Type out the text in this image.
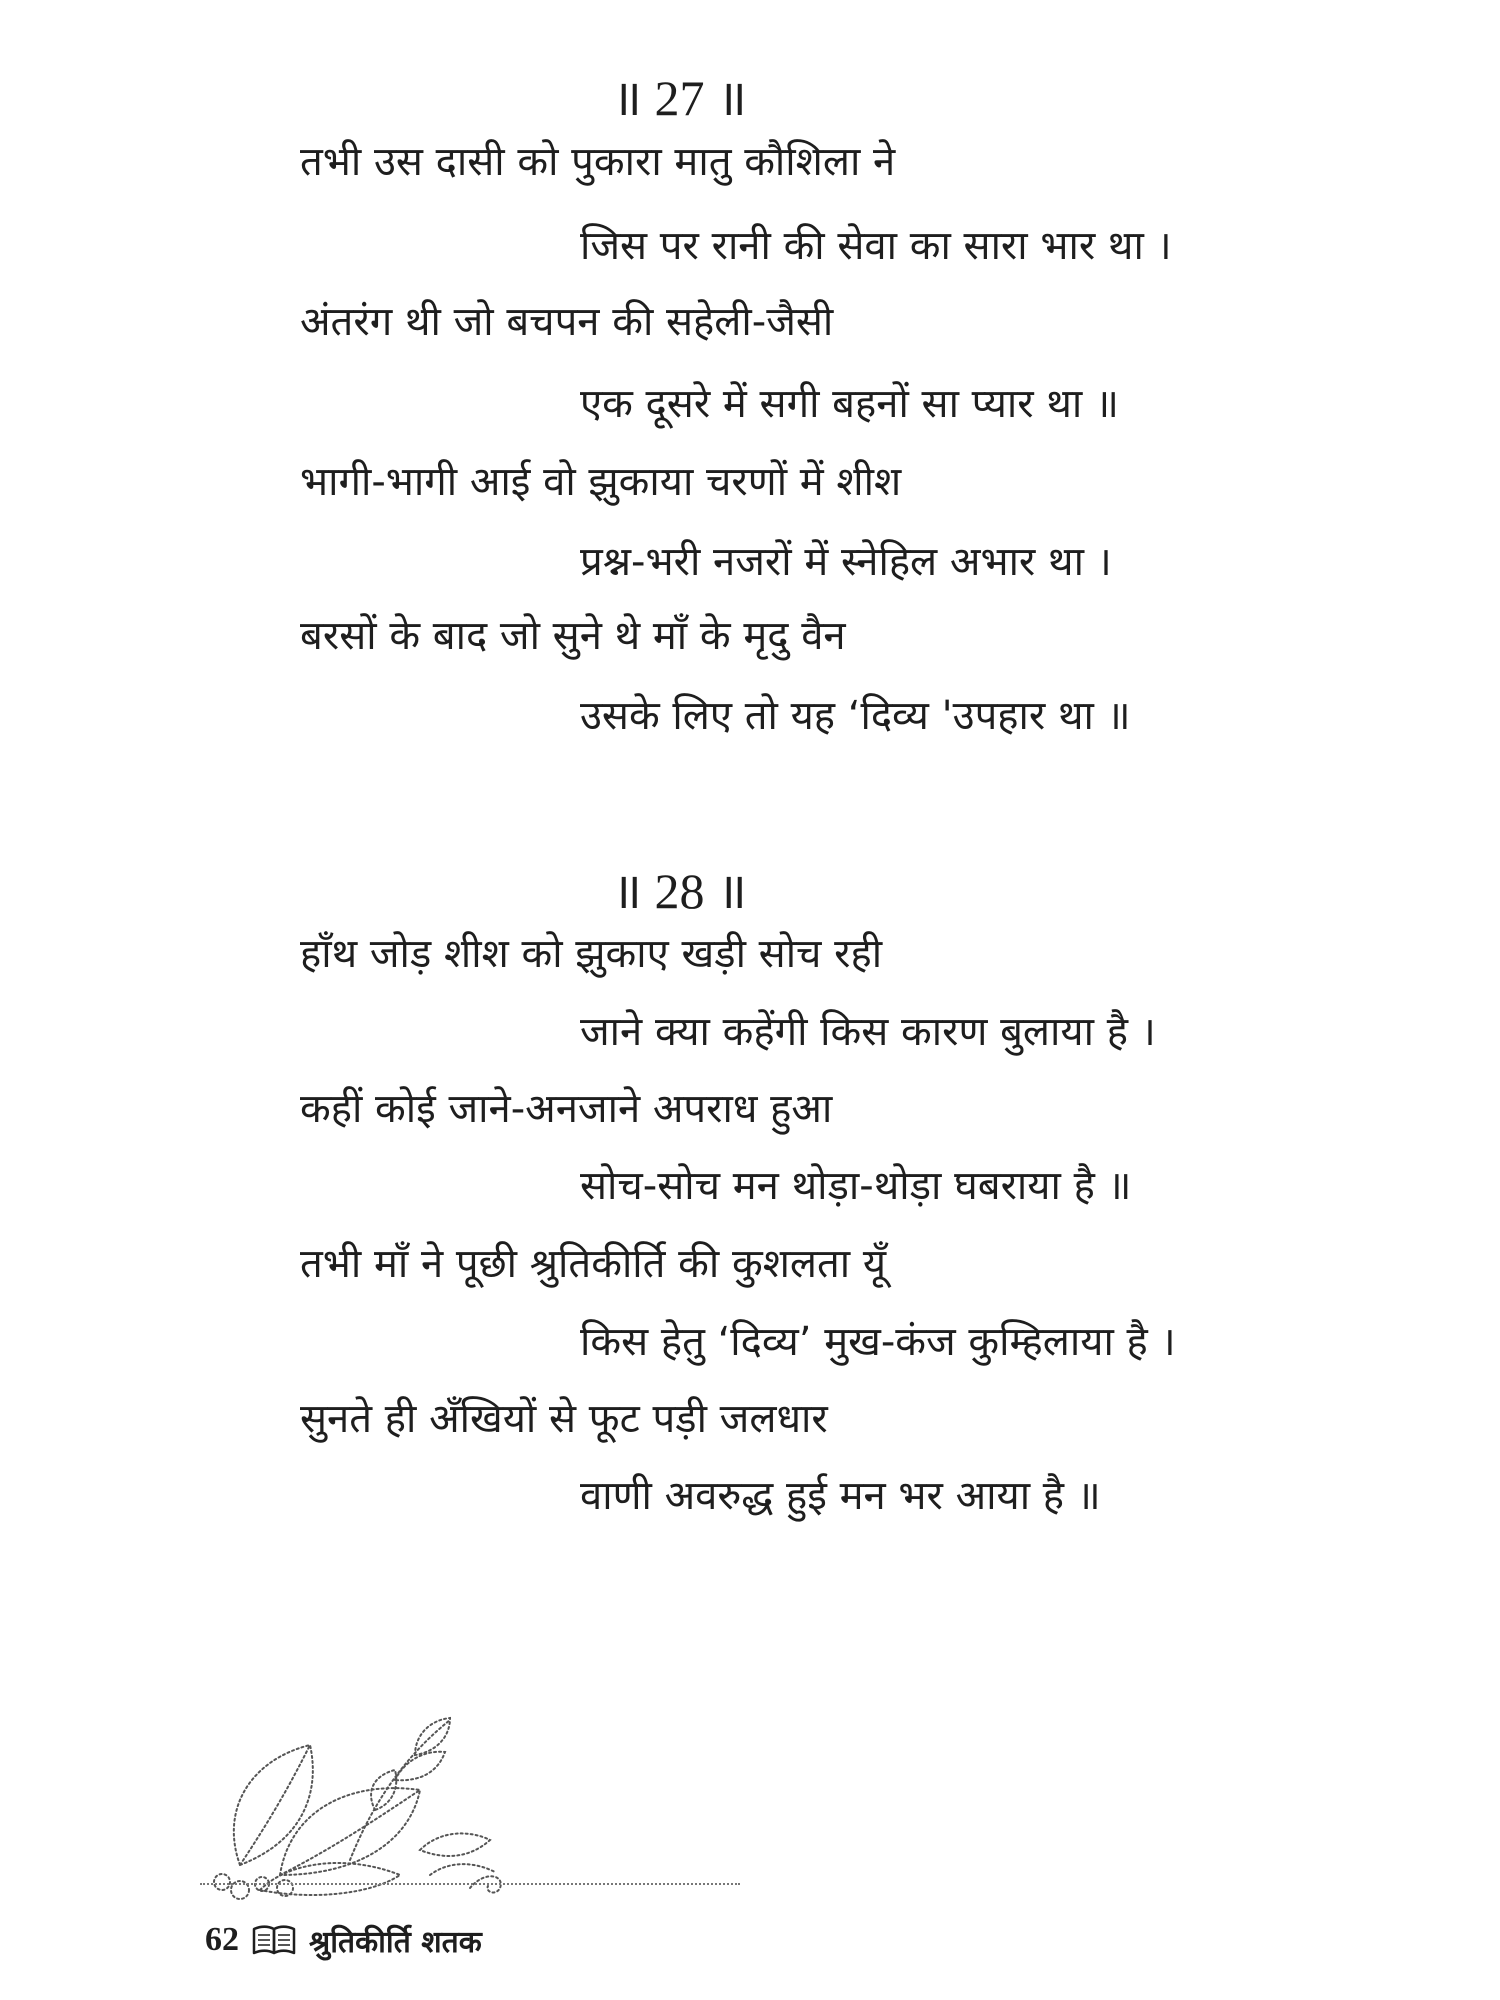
॥ 27 ॥
तभी उस दासी को पुकारा मातु कौशिला ने
जिस पर रानी की सेवा का सारा भार था ।
अंतरंग थी जो बचपन की सहेली-जैसी
एक दूसरे में सगी बहनों सा प्यार था ॥
भागी-भागी आई वो झुकाया चरणों में शीश
प्रश्न-भरी नजरों में स्नेहिल अभार था ।
बरसों के बाद जो सुने थे माँ के मृदु वैन
उसके लिए तो यह ‘दिव्य 'उपहार था ॥
॥ 28 ॥
हाँथ जोड़ शीश को झुकाए खड़ी सोच रही
जाने क्या कहेंगी किस कारण बुलाया है ।
कहीं कोई जाने-अनजाने अपराध हुआ
सोच-सोच मन थोड़ा-थोड़ा घबराया है ॥
तभी माँ ने पूछी श्रुतिकीर्ति की कुशलता यूँ
किस हेतु ‘दिव्य’ मुख-कंज कुम्हिलाया है ।
सुनते ही अँखियों से फूट पड़ी जलधार
वाणी अवरुद्ध हुई मन भर आया है ॥
62 श्रुतिकीर्ति शतक
